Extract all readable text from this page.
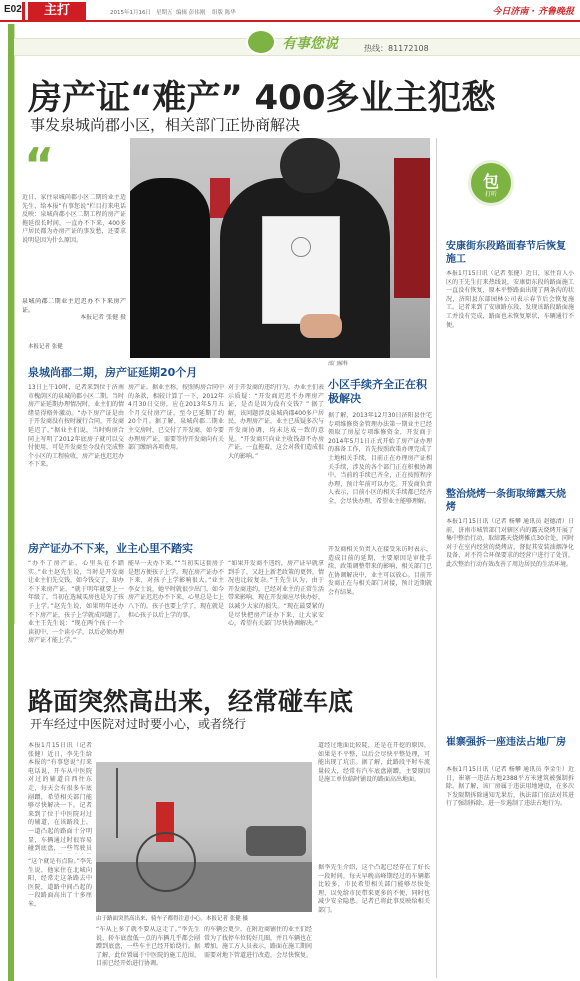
E02	主打	2015年1月16日 星期五 编辑 彭伟刚 组版 陈华	今日济南 · 齐鲁晚报
有事您说	热线：81172108
房产证“难产” 400多业主犯愁
事发泉城尚郡小区，相关部门正协商解决
“
近日，家住泉城尚郡小区二期的业主适先生，给本报“有事您说”栏目打来电话反映：泉城尚郡小区二期工程的房产证拖延很长时间，一直办不下来，400多户居民都为办房产证的事发愁，还要求说明是因为什么原因。
泉城尚郡二期业主迟迟办不下来房产证。
本报记者 张健 摄
本报记者 张健
泉城尚郡二期，房产证延期20个月
13日上午10时，记者来到位于济南市槐荫区的泉城尚郡小区二期。当时房产证延期办理情况时，业主们的情绪显得格外激动。“办下房产证是由于开发商没有按时履行合同，开发商延迟了。”据业主们说，当时购房合同上写明了2012年底房子就可以交付使用，可是开发商至今没有完成整个小区的工程验收，房产证也迟迟办不下来。
房产证。据业主称，按照购房合同中的条款，相较计算了一下，2012年4月30日交房，应在2013年5月五个月交付房产证，至今已延期了约20个月。据了解，泉城尚郡二期业主交房时，已交付了开发商，如今要办理房产证，需要等待开发商向有关部门缴纳各项费用。
对于开发商的违约行为，办业主们表示质疑：“开发商迟迟不办理房产证，是否是因为没有交钱？” 据了解，该问题涉及泉城尚郡400多户居民，办理房产证，业主已质疑多次与开发商协调，均未达成一致的意见。“开发商只向业主收钱却不办房产证，一直拖着，这会对我们造成很大的影响。”
房产证办不下来，业主心里不踏实
“办不了房产证，心里头在不踏实。”业主赵先生说，当时是开发商让业主们先交钱，如今钱交了，却办不下来房产证。“就于明年就要上一年级了，当初在选城买房也是为了孩子上学。”赵先生说，如果明年还办不下房产证，孩子上学就成问题了。业主王先生说：“现在两个孩子一个读初中、一个读小学，以后必须办理房产证才能上学。”
能早一天办下来。”“当初买这套房子是想方便孩子上学，现在房产证办不下来，对孩子上学影响很大。”业主李女士说，她平时就很少出门，如今房产证迟迟办不下来，心里总是七上八下的。孩子也要上学了，现在就是担心孩子以后上学的事。
“如果开发商不违约，房产证早就拿到手了，又赶上新老政策的更替，情况也比较复杂。”王先生认为，由于开发商违约，已经对业主的正常生活带来影响，现在开发商应尽快办好，以减少大家的损失。“现在最要紧的是尽快把房产证办下来，让大家安心，希望有关部门尽快协调解决。”
部门解释
小区手续齐全正在积极解决
据了解，2013年12月30日济阳县住宅专项维修资金管理办法第一期业主已经领取了房屋专项维修资金，开发商于2014年5月1日正式开始了房产证办理的准备工作，首先按照政策办理完成了土地相关手续，目前正在办理房产证相关手续，涉及的各个部门正在积极协调中。当前的手续已齐全，正在按照程序办理，预计年前可以办完。开发商负责人表示，目前小区的相关手续都已经齐全，会尽快办理，希望业主能够理解。
开发商相关负责人在接受采访时表示，造成目前的延期，主要原因是审批手续，政策调整带来的影响，相关部门已在协调解决中，业主可以放心。目前开发商正在与相关部门对接，预计近期就会有结果。
包
打听
安康街东段路面春节后恢复施工
本报1月15日讯（记者 张健）近日，家住育人小区的王先生打来热线说，安康街东段的路面施工一直没有恢复，原本平整路面出现了两条沟的状况，济阳县东部园林公司表示春节后会恢复施工。记者来到了安康路东段，发现该路段路面施工并没有完成，路面也未恢复原状，车辆通行不便。
整治烧烤一条街取缔露天烧烤
本报1月15日讯（记者 杨攀 通讯员 赵德清）日前，济南市城管部门对辖区内的露天烧烤开展了集中整治行动，取缔露天烧烤摊点30余处，同时对于在室内经营的烧烤店，督促其安装油烟净化设备，对不符合环保要求的经营户进行了处罚，此次整治行动有效改善了周边居民的生活环境。
崔寨强拆一座违法占地厂房
本报1月15日讯（记者 杨攀 通讯员 李金生）近日，崔寨一违法占地2388平方米建筑被强制拆除。据了解，该厂房属于违法用地建设，在多次下发限期拆除通知无果后，执法部门依法对其进行了强制拆除，进一步遏制了违法占地行为。
路面突然高出来，经常碰车底
开车经过中医院对过时要小心，或者绕行
本报1月15日讯（记者 张健）近日，李先生给本报的“有事您说”打来电话说，开车从中医院对过的辅道自西往东走，每天会有很多车底剐蹭，希望相关部门能够尽快解决一下。记者来到了位于中医院对过的辅道，在该路段上，一道凸起的路面十分明显，车辆通过时很容易碰到底盘，一些驾驶员
“这个就是有点险。”李先生说，他家住在北城向阳，经常走这条路去中医院，道路中间凸起的一段路面高出了十多厘米。
由于路面突然高出来，骑车子都得注意小心。本报记者 张健 摄
“车从上多了就不要从这走了。”李先生说，轿车底盘低一点的车辆几乎都会剐蹭到底盘，一些车主已经开始绕行。据了解，此位置属于中医院的施工范围，目前已经开始进行协调。
的车辆会更少，在附近商铺住的业主们经常为了找停车位转好几圈，并且车辆也在增加。施工方人员表示，路面在施工期间需要对地下管道进行改造，会尽快恢复。
道经过地面比较陡，还是在开挖的原因，如果是不平整，以后会尽快平整处理，可能出现了坑洼。据了解，此路段平时车流量较大，经常有汽车底盘剐蹭，主要原因是施工单位临时铺设的路面高出地面。
据李先生介绍，这个凸起已经存在了好长一段时间，每天早晚高峰期经过的车辆都比较多，市民希望相关部门能够尽快处理，以免给市民带来更多的不便，同时也减少安全隐患。记者已将此事反映给相关部门。
